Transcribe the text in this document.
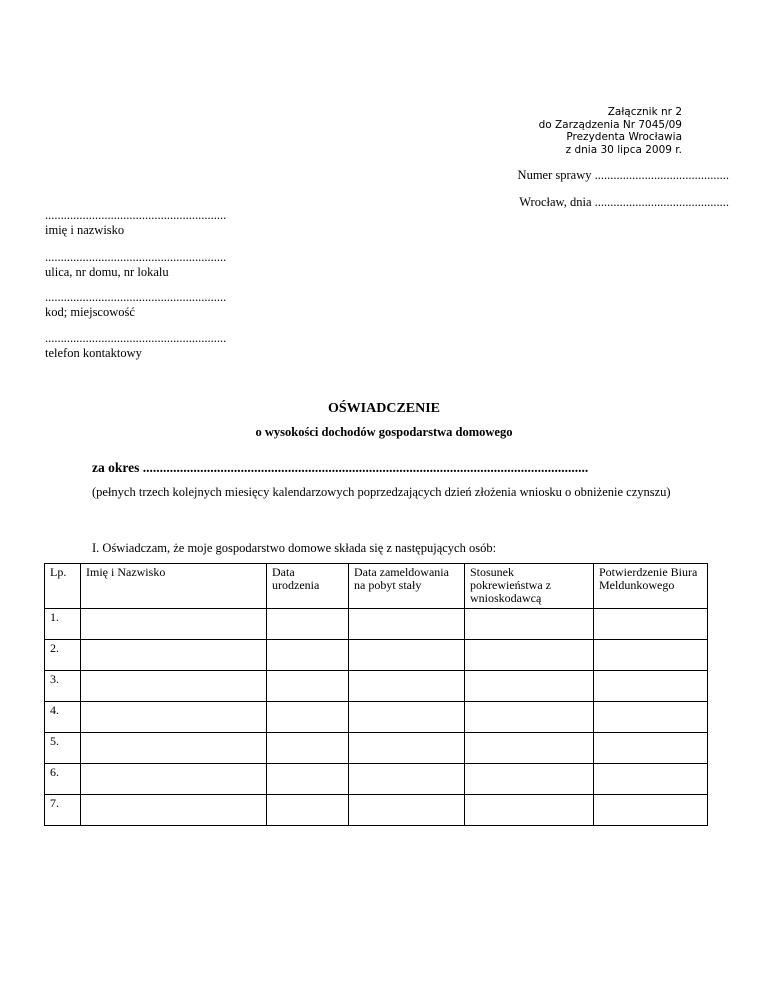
Załącznik nr 2
do Zarządzenia Nr 7045/09
Prezydenta Wrocławia
z dnia 30 lipca 2009 r.
Numer sprawy ...........................................
Wrocław, dnia ...........................................
..........................................................
imię i nazwisko
..........................................................
ulica, nr domu, nr lokalu
..........................................................
kod; miejscowość
..........................................................
telefon kontaktowy
OŚWIADCZENIE
o wysokości dochodów gospodarstwa domowego
za okres ....................................................................................................................................
(pełnych trzech kolejnych miesięcy kalendarzowych poprzedzających dzień złożenia wniosku o obniżenie czynszu)
I. Oświadczam, że moje gospodarstwo domowe składa się z następujących osób:
Lp.	Imię i Nazwisko	Data urodzenia	Data zameldowania na pobyt stały	Stosunek pokrewieństwa z wnioskodawcą	Potwierdzenie Biura Meldunkowego
1.					
2.					
3.					
4.					
5.					
6.					
7.					
